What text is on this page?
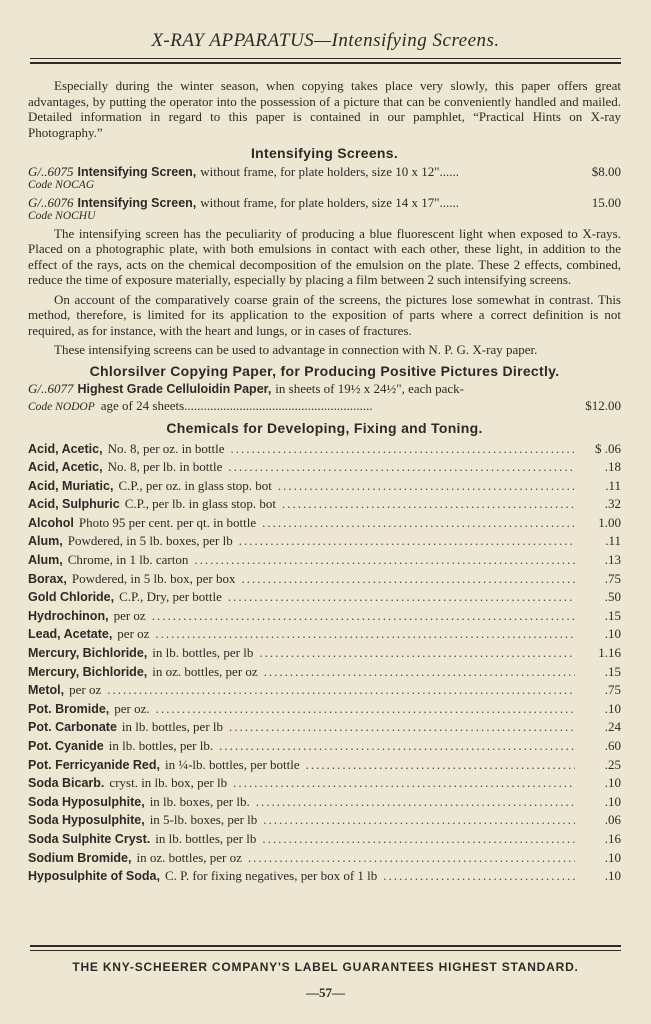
X-RAY APPARATUS—Intensifying Screens.

Especially during the winter season, when copying takes place very slowly, this paper offers great advantages, by putting the operator into the possession of a picture that can be conveniently handled and mailed. Detailed information in regard to this paper is contained in our pamphlet, “Practical Hints on X-ray Photography.”

Intensifying Screens.
G/..6075 Intensifying Screen, without frame, for plate holders, size 10 x 12"......	$8.00
Code NOCAG
G/..6076 Intensifying Screen, without frame, for plate holders, size 14 x 17"......	15.00
Code NOCHU

The intensifying screen has the peculiarity of producing a blue fluorescent light when exposed to X-rays. Placed on a photographic plate, with both emulsions in contact with each other, these light, in addition to the effect of the rays, acts on the chemical decomposition of the emulsion on the plate. These 2 effects, combined, reduce the time of exposure materially, especially by placing a film between 2 such intensifying screens.

On account of the comparatively coarse grain of the screens, the pictures lose somewhat in contrast. This method, therefore, is limited for its application to the exposition of parts where a correct definition is not required, as for instance, with the heart and lungs, or in cases of fractures.

These intensifying screens can be used to advantage in connection with N. P. G. X-ray paper.

Chlorsilver Copying Paper, for Producing Positive Pictures Directly.
G/..6077 Highest Grade Celluloidin Paper, in sheets of 19½ x 24½", each pack-
Code NODOP age of 24 sheets..........................................................	$12.00
Chemicals for Developing, Fixing and Toning.
Acid, Acetic, No. 8, per oz. in bottle .....	$ .06
Acid, Acetic, No. 8, per lb. in bottle .....	.18
Acid, Muriatic, C.P., per oz. in glass stop. bot .....	.11
Acid, Sulphuric C.P., per lb. in glass stop. bot .....	.32
Alcohol Photo 95 per cent. per qt. in bottle .....	1.00
Alum, Powdered, in 5 lb. boxes, per lb .....	.11
Alum, Chrome, in 1 lb. carton .....	.13
Borax, Powdered, in 5 lb. box, per box .....	.75
Gold Chloride, C.P., Dry, per bottle .....	.50
Hydrochinon, per oz .....	.15
Lead, Acetate, per oz .....	.10
Mercury, Bichloride, in lb. bottles, per lb .....	1.16
Mercury, Bichloride, in oz. bottles, per oz .....	.15
Metol, per oz .....	.75
Pot. Bromide, per oz. .....	.10
Pot. Carbonate in lb. bottles, per lb .....	.24
Pot. Cyanide in lb. bottles, per lb. .....	.60
Pot. Ferricyanide Red, in ¼-lb. bottles, per bottle .....	.25
Soda Bicarb. cryst. in lb. box, per lb .....	.10
Soda Hyposulphite, in lb. boxes, per lb. .....	.10
Soda Hyposulphite, in 5-lb. boxes, per lb .....	.06
Soda Sulphite Cryst. in lb. bottles, per lb .....	.16
Sodium Bromide, in oz. bottles, per oz .....	.10
Hyposulphite of Soda, C. P. for fixing negatives, per box of 1 lb .....	.10
THE KNY-SCHEERER COMPANY'S LABEL GUARANTEES HIGHEST STANDARD.
—57—
